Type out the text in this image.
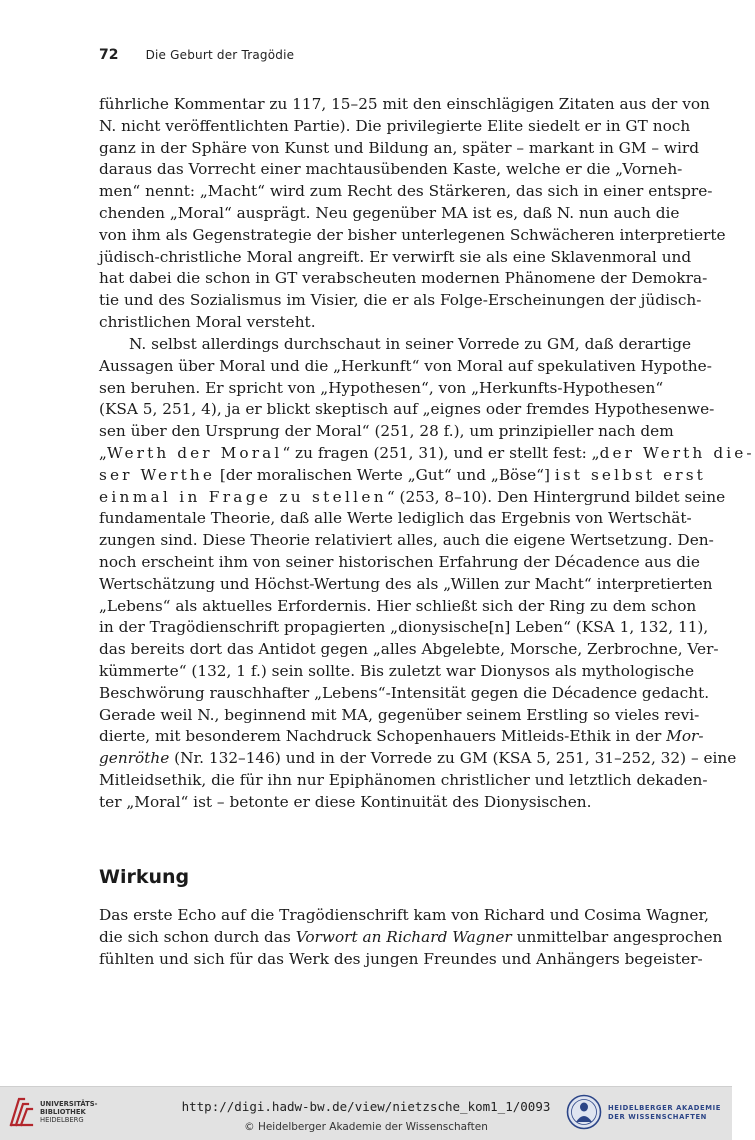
72 Die Geburt der Tragödie

führliche Kommentar zu 117, 15–25 mit den einschlägigen Zitaten aus der von
N. nicht veröffentlichten Partie). Die privilegierte Elite siedelt er in GT noch
ganz in der Sphäre von Kunst und Bildung an, später – markant in GM – wird
daraus das Vorrecht einer machtausübenden Kaste, welche er die „Vorneh-
men“ nennt: „Macht“ wird zum Recht des Stärkeren, das sich in einer entspre-
chenden „Moral“ ausprägt. Neu gegenüber MA ist es, daß N. nun auch die
von ihm als Gegenstrategie der bisher unterlegenen Schwächeren interpretierte
jüdisch-christliche Moral angreift. Er verwirft sie als eine Sklavenmoral und
hat dabei die schon in GT verabscheuten modernen Phänomene der Demokra-
tie und des Sozialismus im Visier, die er als Folge-Erscheinungen der jüdisch-
christlichen Moral versteht.

N. selbst allerdings durchschaut in seiner Vorrede zu GM, daß derartige
Aussagen über Moral und die „Herkunft“ von Moral auf spekulativen Hypothe-
sen beruhen. Er spricht von „Hypothesen“, von „Herkunfts-Hypothesen“
(KSA 5, 251, 4), ja er blickt skeptisch auf „eignes oder fremdes Hypothesenwe-
sen über den Ursprung der Moral“ (251, 28 f.), um prinzipieller nach dem
„Werth der Moral“ zu fragen (251, 31), und er stellt fest: „der Werth die-
ser Werthe [der moralischen Werte „Gut“ und „Böse“] ist selbst erst
einmal in Frage zu stellen“ (253, 8–10). Den Hintergrund bildet seine
fundamentale Theorie, daß alle Werte lediglich das Ergebnis von Wertschät-
zungen sind. Diese Theorie relativiert alles, auch die eigene Wertsetzung. Den-
noch erscheint ihm von seiner historischen Erfahrung der Décadence aus die
Wertschätzung und Höchst-Wertung des als „Willen zur Macht“ interpretierten
„Lebens“ als aktuelles Erfordernis. Hier schließt sich der Ring zu dem schon
in der Tragödienschrift propagierten „dionysische[n] Leben“ (KSA 1, 132, 11),
das bereits dort das Antidot gegen „alles Abgelebte, Morsche, Zerbrochne, Ver-
kümmerte“ (132, 1 f.) sein sollte. Bis zuletzt war Dionysos als mythologische
Beschwörung rauschhafter „Lebens“-Intensität gegen die Décadence gedacht.
Gerade weil N., beginnend mit MA, gegenüber seinem Erstling so vieles revi-
dierte, mit besonderem Nachdruck Schopenhauers Mitleids-Ethik in der Mor-
genröthe (Nr. 132–146) und in der Vorrede zu GM (KSA 5, 251, 31–252, 32) – eine
Mitleidsethik, die für ihn nur Epiphänomen christlicher und letztlich dekaden-
ter „Moral“ ist – betonte er diese Kontinuität des Dionysischen.

Wirkung

Das erste Echo auf die Tragödienschrift kam von Richard und Cosima Wagner,
die sich schon durch das Vorwort an Richard Wagner unmittelbar angesprochen
fühlten und sich für das Werk des jungen Freundes und Anhängers begeister-

UNIVERSITÄTS-
BIBLIOTHEK
HEIDELBERG
http://digi.hadw-bw.de/view/nietzsche_kom1_1/0093
© Heidelberger Akademie der Wissenschaften
HEIDELBERGER AKADEMIE
DER WISSENSCHAFTEN
